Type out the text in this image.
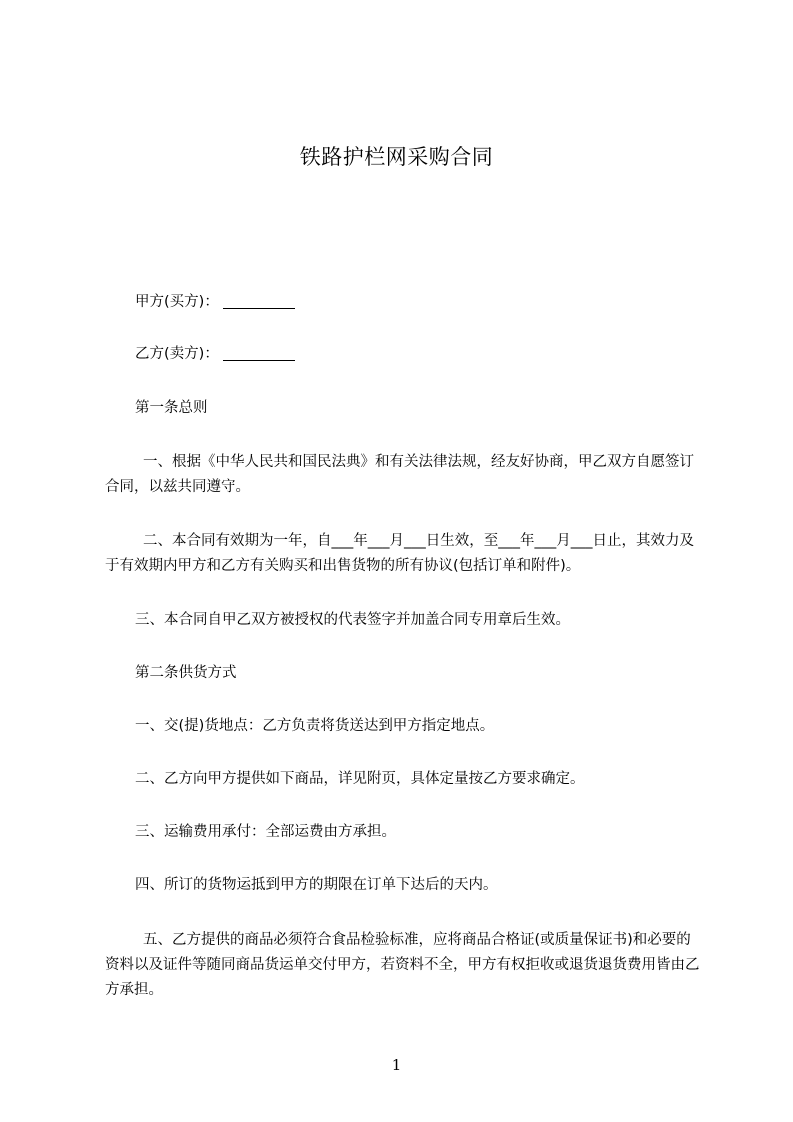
铁路护栏网采购合同
甲方(买方)：
乙方(卖方)：
第一条总则
一、根据《中华人民共和国民法典》和有关法律法规，经友好协商，甲乙双方自愿签订合同，以兹共同遵守。
二、本合同有效期为一年，自___年___月___日生效，至___年___月___日止，其效力及于有效期内甲方和乙方有关购买和出售货物的所有协议(包括订单和附件)。
三、本合同自甲乙双方被授权的代表签字并加盖合同专用章后生效。
第二条供货方式
一、交(提)货地点：乙方负责将货送达到甲方指定地点。
二、乙方向甲方提供如下商品，详见附页，具体定量按乙方要求确定。
三、运输费用承付：全部运费由方承担。
四、所订的货物运抵到甲方的期限在订单下达后的天内。
五、乙方提供的商品必须符合食品检验标准，应将商品合格证(或质量保证书)和必要的资料以及证件等随同商品货运单交付甲方，若资料不全，甲方有权拒收或退货退货费用皆由乙方承担。
1
